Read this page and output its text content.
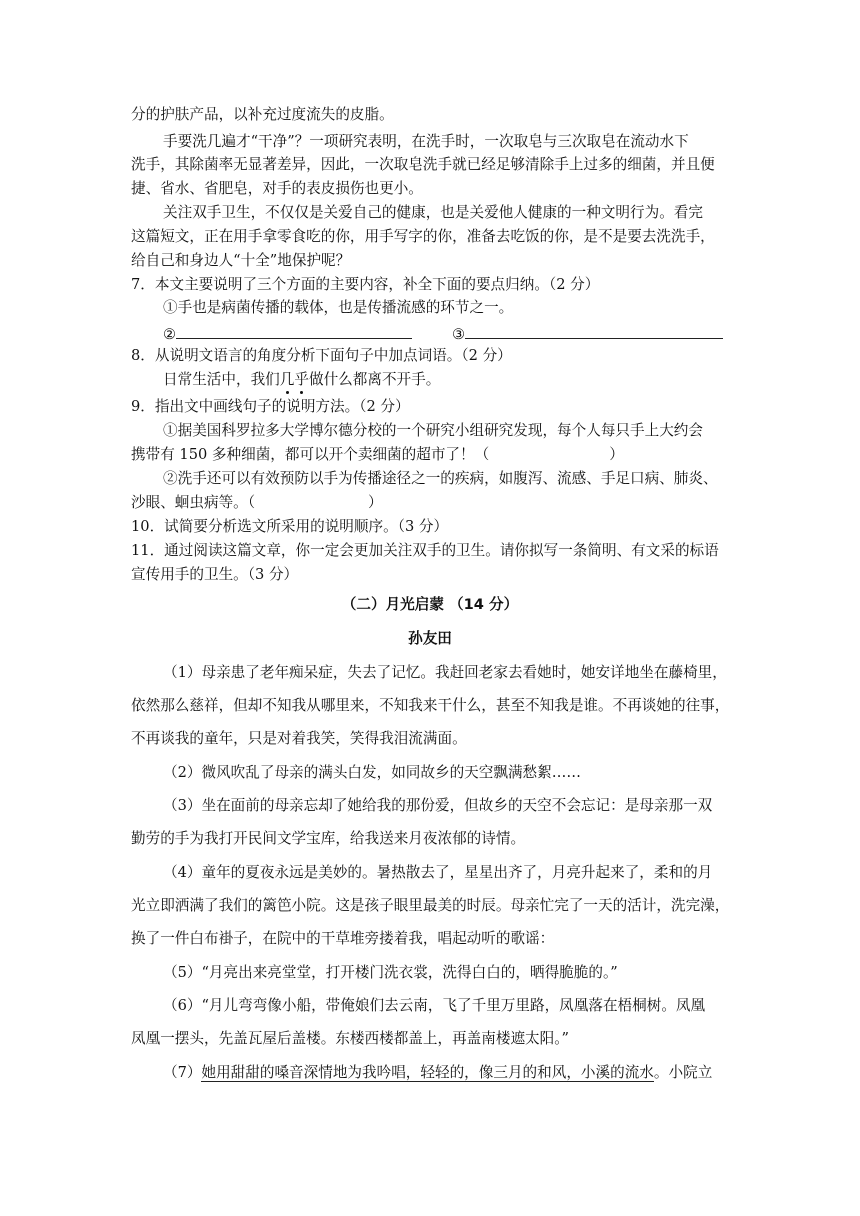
分的护肤产品，以补充过度流失的皮脂。
手要洗几遍才“干净”？一项研究表明，在洗手时，一次取皂与三次取皂在流动水下
洗手，其除菌率无显著差异，因此，一次取皂洗手就已经足够清除手上过多的细菌，并且便
捷、省水、省肥皂，对手的表皮损伤也更小。
关注双手卫生，不仅仅是关爱自己的健康，也是关爱他人健康的一种文明行为。看完
这篇短文，正在用手拿零食吃的你，用手写字的你，准备去吃饭的你，是不是要去洗洗手，
给自己和身边人“十全”地保护呢？
7．本文主要说明了三个方面的主要内容，补全下面的要点归纳。（2 分）
①手也是病菌传播的载体，也是传播流感的环节之一。
②	③
8．从说明文语言的角度分析下面句子中加点词语。（2 分）
日常生活中，我们几乎做什么都离不开手。
9．指出文中画线句子的说明方法。（2 分）
①据美国科罗拉多大学博尔德分校的一个研究小组研究发现，每个人每只手上大约会
携带有 150 多种细菌，都可以开个卖细菌的超市了！（	）
②洗手还可以有效预防以手为传播途径之一的疾病，如腹泻、流感、手足口病、肺炎、
沙眼、蛔虫病等。（	）
10．试简要分析选文所采用的说明顺序。（3 分）
11．通过阅读这篇文章，你一定会更加关注双手的卫生。请你拟写一条简明、有文采的标语
宣传用手的卫生。（3 分）
（二）月光启蒙 （14 分）
孙友田
（1）母亲患了老年痴呆症，失去了记忆。我赶回老家去看她时，她安详地坐在藤椅里，
依然那么慈祥，但却不知我从哪里来，不知我来干什么，甚至不知我是谁。不再谈她的往事，
不再谈我的童年，只是对着我笑，笑得我泪流满面。
（2）微风吹乱了母亲的满头白发，如同故乡的天空飘满愁絮……
（3）坐在面前的母亲忘却了她给我的那份爱，但故乡的天空不会忘记：是母亲那一双
勤劳的手为我打开民间文学宝库，给我送来月夜浓郁的诗情。
（4）童年的夏夜永远是美妙的。暑热散去了，星星出齐了，月亮升起来了，柔和的月
光立即洒满了我们的篱笆小院。这是孩子眼里最美的时辰。母亲忙完了一天的活计，洗完澡，
换了一件白布褂子，在院中的干草堆旁搂着我，唱起动听的歌谣：
（5）“月亮出来亮堂堂，打开楼门洗衣裳，洗得白白的，晒得脆脆的。”
（6）“月儿弯弯像小船，带俺娘们去云南，飞了千里万里路，凤凰落在梧桐树。凤凰
凤凰一摆头，先盖瓦屋后盖楼。东楼西楼都盖上，再盖南楼遮太阳。”
（7）她用甜甜的嗓音深情地为我吟唱，轻轻的，像三月的和风，小溪的流水。小院立
